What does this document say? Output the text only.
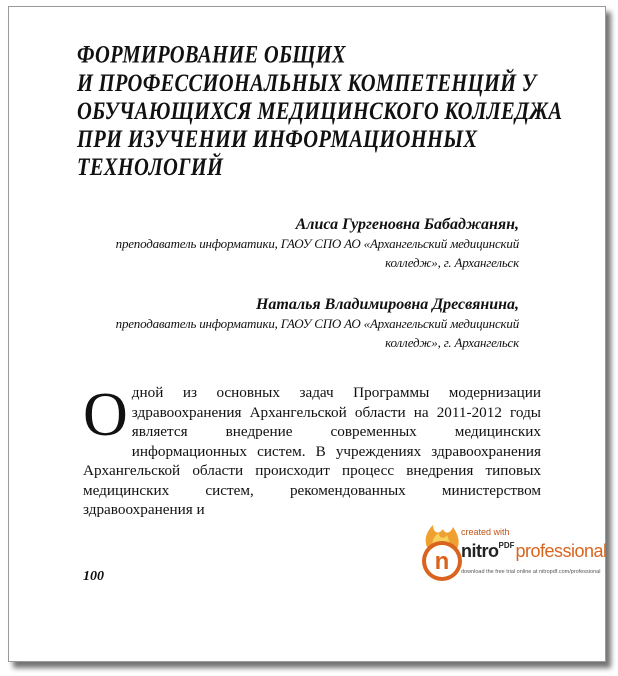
ФОРМИРОВАНИЕ ОБЩИХ
И ПРОФЕССИОНАЛЬНЫХ КОМПЕТЕНЦИЙ У
ОБУЧАЮЩИХСЯ МЕДИЦИНСКОГО КОЛЛЕДЖА
ПРИ ИЗУЧЕНИИ ИНФОРМАЦИОННЫХ
ТЕХНОЛОГИЙ
Алиса Гургеновна Бабаджанян,
преподаватель информатики, ГАОУ СПО АО «Архангельский медицинский
колледж», г. Архангельск
Наталья Владимировна Дресвянина,
преподаватель информатики, ГАОУ СПО АО «Архангельский медицинский
колледж», г. Архангельск
О дной из основных задач Программы модернизации здравоохранения Архангельской области на 2011-2012 годы является внедрение современных медицинских информационных систем. В учреждениях здравоохранения Архангельской области происходит процесс внедрения типовых медицинских систем, рекомендованных министерством здравоохранения и
100
n
created with
nitro$^{PDF}$professional
download the free trial online at nitropdf.com/professional
